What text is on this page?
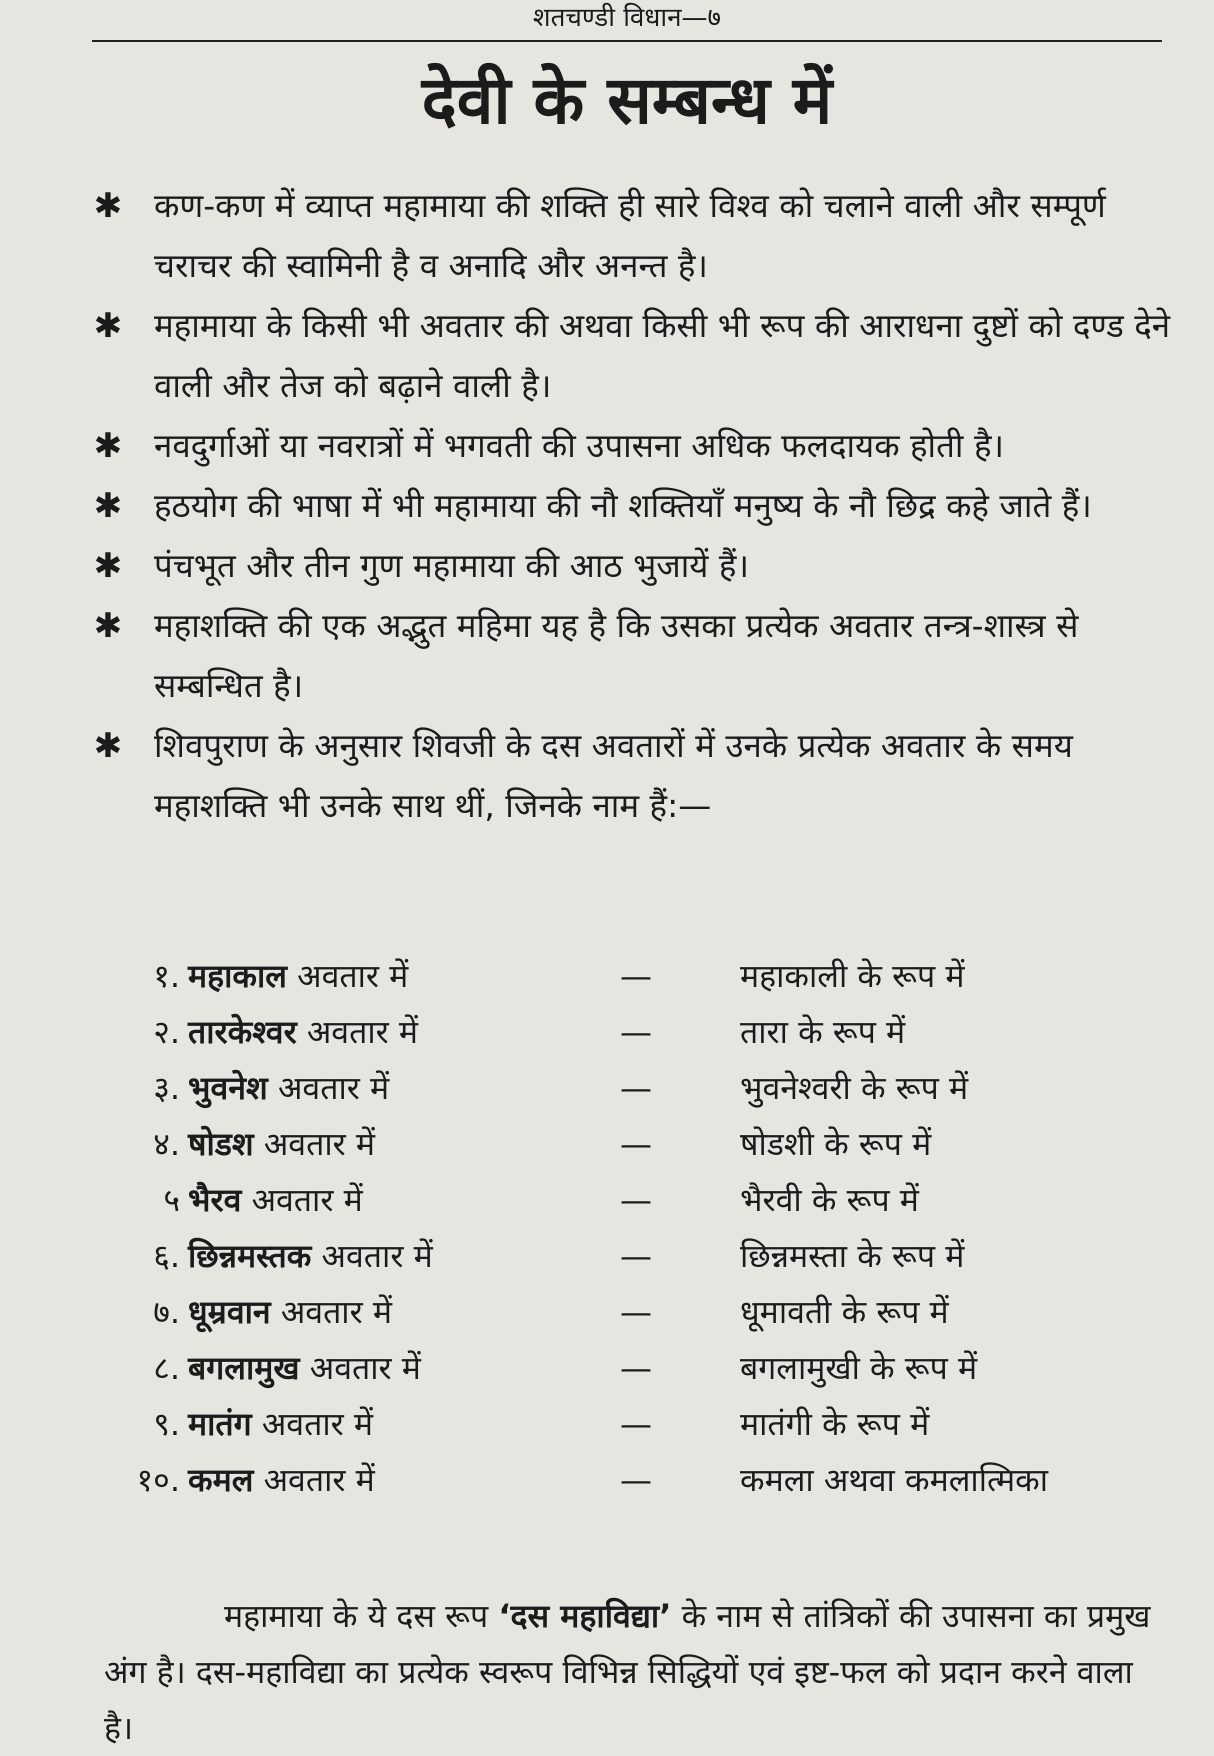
शतचण्डी विधान—७
देवी के सम्बन्ध में
✱ कण-कण में व्याप्त महामाया की शक्ति ही सारे विश्व को चलाने वाली और सम्पूर्ण चराचर की स्वामिनी है व अनादि और अनन्त है।
✱ महामाया के किसी भी अवतार की अथवा किसी भी रूप की आराधना दुष्टों को दण्ड देने वाली और तेज को बढ़ाने वाली है।
✱ नवदुर्गाओं या नवरात्रों में भगवती की उपासना अधिक फलदायक होती है।
✱ हठयोग की भाषा में भी महामाया की नौ शक्तियाँ मनुष्य के नौ छिद्र कहे जाते हैं।
✱ पंचभूत और तीन गुण महामाया की आठ भुजायें हैं।
✱ महाशक्ति की एक अद्भुत महिमा यह है कि उसका प्रत्येक अवतार तन्त्र-शास्त्र से सम्बन्धित है।
✱ शिवपुराण के अनुसार शिवजी के दस अवतारों में उनके प्रत्येक अवतार के समय महाशक्ति भी उनके साथ थीं, जिनके नाम हैं:—
१. महाकाल अवतार में	—	महाकाली के रूप में
२. तारकेश्वर अवतार में	—	तारा के रूप में
३. भुवनेश अवतार में	—	भुवनेश्वरी के रूप में
४. षोडश अवतार में	—	षोडशी के रूप में
५ भैरव अवतार में	—	भैरवी के रूप में
६. छिन्नमस्तक अवतार में	—	छिन्नमस्ता के रूप में
७. धूम्रवान अवतार में	—	धूमावती के रूप में
८. बगलामुख अवतार में	—	बगलामुखी के रूप में
९. मातंग अवतार में	—	मातंगी के रूप में
१०. कमल अवतार में	—	कमला अथवा कमलात्मिका

महामाया के ये दस रूप ‘दस महाविद्या’ के नाम से तांत्रिकों की उपासना का प्रमुख अंग है। दस-महाविद्या का प्रत्येक स्वरूप विभिन्न सिद्धियों एवं इष्ट-फल को प्रदान करने वाला है।
